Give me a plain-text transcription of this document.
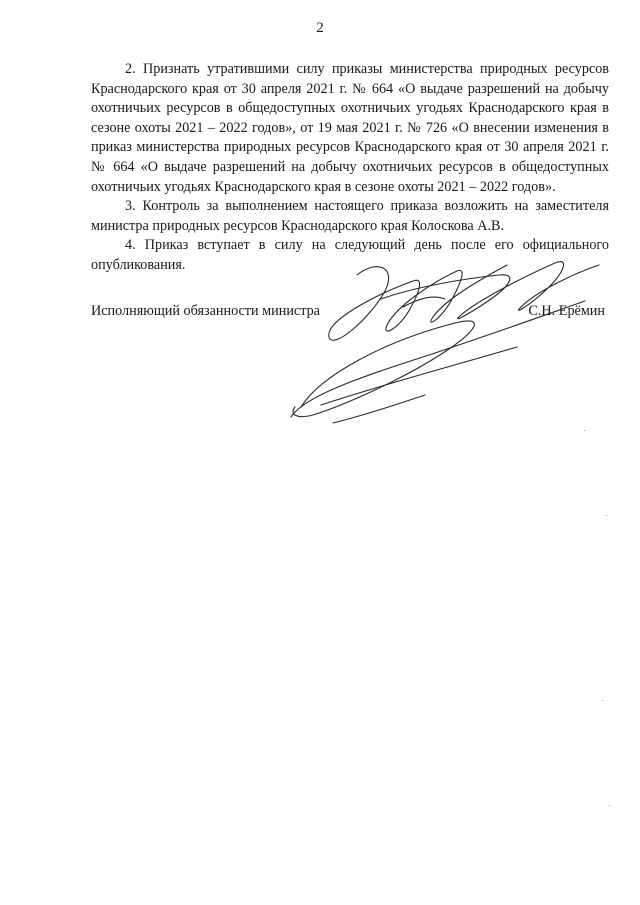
2

2. Признать утратившими силу приказы министерства природных ресурсов Краснодарского края от 30 апреля 2021 г. № 664 «О выдаче разрешений на добычу охотничьих ресурсов в общедоступных охотничьих угодьях Краснодарского края в сезоне охоты 2021 – 2022 годов», от 19 мая 2021 г. № 726 «О внесении изменения в приказ министерства природных ресурсов Краснодарского края от 30 апреля 2021 г. № 664 «О выдаче разрешений на добычу охотничьих ресурсов в общедоступных охотничьих угодьях Краснодарского края в сезоне охоты 2021 – 2022 годов».

3. Контроль за выполнением настоящего приказа возложить на заместителя министра природных ресурсов Краснодарского края Колоскова А.В.

4. Приказ вступает в силу на следующий день после его официального опубликования.

Исполняющий обязанности министра	С.Н. Ерёмин
